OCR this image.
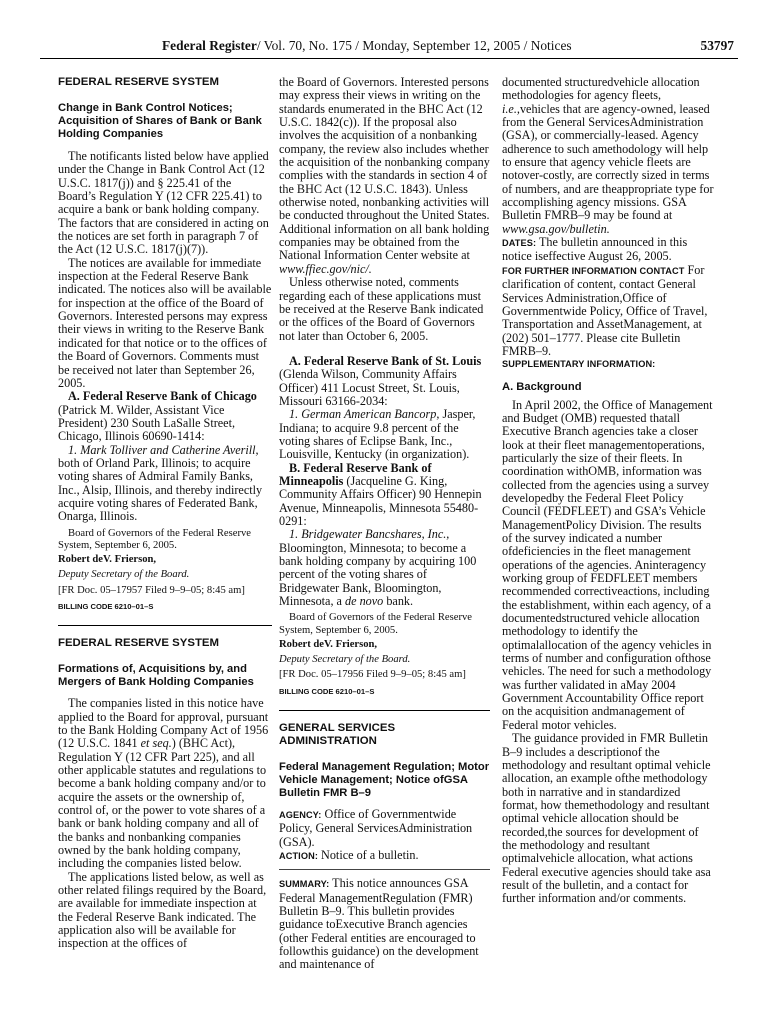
Federal Register/ Vol. 70, No. 175 / Monday, September 12, 2005 / Notices	53797

FEDERAL RESERVE SYSTEM

Change in Bank Control Notices; Acquisition of Shares of Bank or Bank Holding Companies

The notificants listed below have applied under the Change in Bank Control Act (12 U.S.C. 1817(j)) and § 225.41 of the Board’s Regulation Y (12 CFR 225.41) to acquire a bank or bank holding company. The factors that are considered in acting on the notices are set forth in paragraph 7 of the Act (12 U.S.C. 1817(j)(7)).

The notices are available for immediate inspection at the Federal Reserve Bank indicated. The notices also will be available for inspection at the office of the Board of Governors. Interested persons may express their views in writing to the Reserve Bank indicated for that notice or to the offices of the Board of Governors. Comments must be received not later than September 26, 2005.

A. Federal Reserve Bank of Chicago (Patrick M. Wilder, Assistant Vice President) 230 South LaSalle Street, Chicago, Illinois 60690-1414:

1. Mark Tolliver and Catherine Averill, both of Orland Park, Illinois; to acquire voting shares of Admiral Family Banks, Inc., Alsip, Illinois, and thereby indirectly acquire voting shares of Federated Bank, Onarga, Illinois.

Board of Governors of the Federal Reserve System, September 6, 2005.

Robert deV. Frierson,

Deputy Secretary of the Board.

[FR Doc. 05–17957 Filed 9–9–05; 8:45 am]

BILLING CODE 6210–01–S

FEDERAL RESERVE SYSTEM

Formations of, Acquisitions by, and Mergers of Bank Holding Companies

The companies listed in this notice have applied to the Board for approval, pursuant to the Bank Holding Company Act of 1956 (12 U.S.C. 1841 et seq.) (BHC Act), Regulation Y (12 CFR Part 225), and all other applicable statutes and regulations to become a bank holding company and/or to acquire the assets or the ownership of, control of, or the power to vote shares of a bank or bank holding company and all of the banks and nonbanking companies owned by the bank holding company, including the companies listed below.

The applications listed below, as well as other related filings required by the Board, are available for immediate inspection at the Federal Reserve Bank indicated. The application also will be available for inspection at the offices of

the Board of Governors. Interested persons may express their views in writing on the standards enumerated in the BHC Act (12 U.S.C. 1842(c)). If the proposal also involves the acquisition of a nonbanking company, the review also includes whether the acquisition of the nonbanking company complies with the standards in section 4 of the BHC Act (12 U.S.C. 1843). Unless otherwise noted, nonbanking activities will be conducted throughout the United States. Additional information on all bank holding companies may be obtained from the National Information Center website at www.ffiec.gov/nic/.

Unless otherwise noted, comments regarding each of these applications must be received at the Reserve Bank indicated or the offices of the Board of Governors not later than October 6, 2005.

A. Federal Reserve Bank of St. Louis (Glenda Wilson, Community Affairs Officer) 411 Locust Street, St. Louis, Missouri 63166-2034:

1. German American Bancorp, Jasper, Indiana; to acquire 9.8 percent of the voting shares of Eclipse Bank, Inc., Louisville, Kentucky (in organization).

B. Federal Reserve Bank of Minneapolis (Jacqueline G. King, Community Affairs Officer) 90 Hennepin Avenue, Minneapolis, Minnesota 55480-0291:

1. Bridgewater Bancshares, Inc., Bloomington, Minnesota; to become a bank holding company by acquiring 100 percent of the voting shares of Bridgewater Bank, Bloomington, Minnesota, a de novo bank.

Board of Governors of the Federal Reserve System, September 6, 2005.

Robert deV. Frierson,

Deputy Secretary of the Board.

[FR Doc. 05–17956 Filed 9–9–05; 8:45 am]

BILLING CODE 6210–01–S

GENERAL SERVICES ADMINISTRATION

Federal Management Regulation; Motor Vehicle Management; Notice ofGSA Bulletin FMR B–9

AGENCY: Office of Governmentwide Policy, General ServicesAdministration (GSA).

ACTION: Notice of a bulletin.

SUMMARY: This notice announces GSA Federal ManagementRegulation (FMR) Bulletin B–9. This bulletin provides guidance toExecutive Branch agencies (other Federal entities are encouraged to followthis guidance) on the development and maintenance of

documented structuredvehicle allocation methodologies for agency fleets, i.e.,vehicles that are agency-owned, leased from the General ServicesAdministration (GSA), or commercially-leased. Agency adherence to such amethodology will help to ensure that agency vehicle fleets are notover-costly, are correctly sized in terms of numbers, and are theappropriate type for accomplishing agency missions. GSA Bulletin FMRB–9 may be found at www.gsa.gov/bulletin.

DATES: The bulletin announced in this notice iseffective August 26, 2005.

FOR FURTHER INFORMATION CONTACT For clarification of content, contact General Services Administration,Office of Governmentwide Policy, Office of Travel, Transportation and AssetManagement, at (202) 501–1777. Please cite Bulletin FMRB–9.

SUPPLEMENTARY INFORMATION:

A. Background

In April 2002, the Office of Management and Budget (OMB) requested thatall Executive Branch agencies take a closer look at their fleet managementoperations, particularly the size of their fleets. In coordination withOMB, information was collected from the agencies using a survey developedby the Federal Fleet Policy Council (FEDFLEET) and GSA’s Vehicle ManagementPolicy Division. The results of the survey indicated a number ofdeficiencies in the fleet management operations of the agencies. Aninteragency working group of FEDFLEET members recommended correctiveactions, including the establishment, within each agency, of a documentedstructured vehicle allocation methodology to identify the optimalallocation of the agency vehicles in terms of number and configuration ofthose vehicles. The need for such a methodology was further validated in aMay 2004 Government Accountability Office report on the acquisition andmanagement of Federal motor vehicles.

The guidance provided in FMR Bulletin B–9 includes a descriptionof the methodology and resultant optimal vehicle allocation, an example ofthe methodology both in narrative and in standardized format, how themethodology and resultant optimal vehicle allocation should be recorded,the sources for development of the methodology and resultant optimalvehicle allocation, what actions Federal executive agencies should take asa result of the bulletin, and a contact for further information and/or comments.
